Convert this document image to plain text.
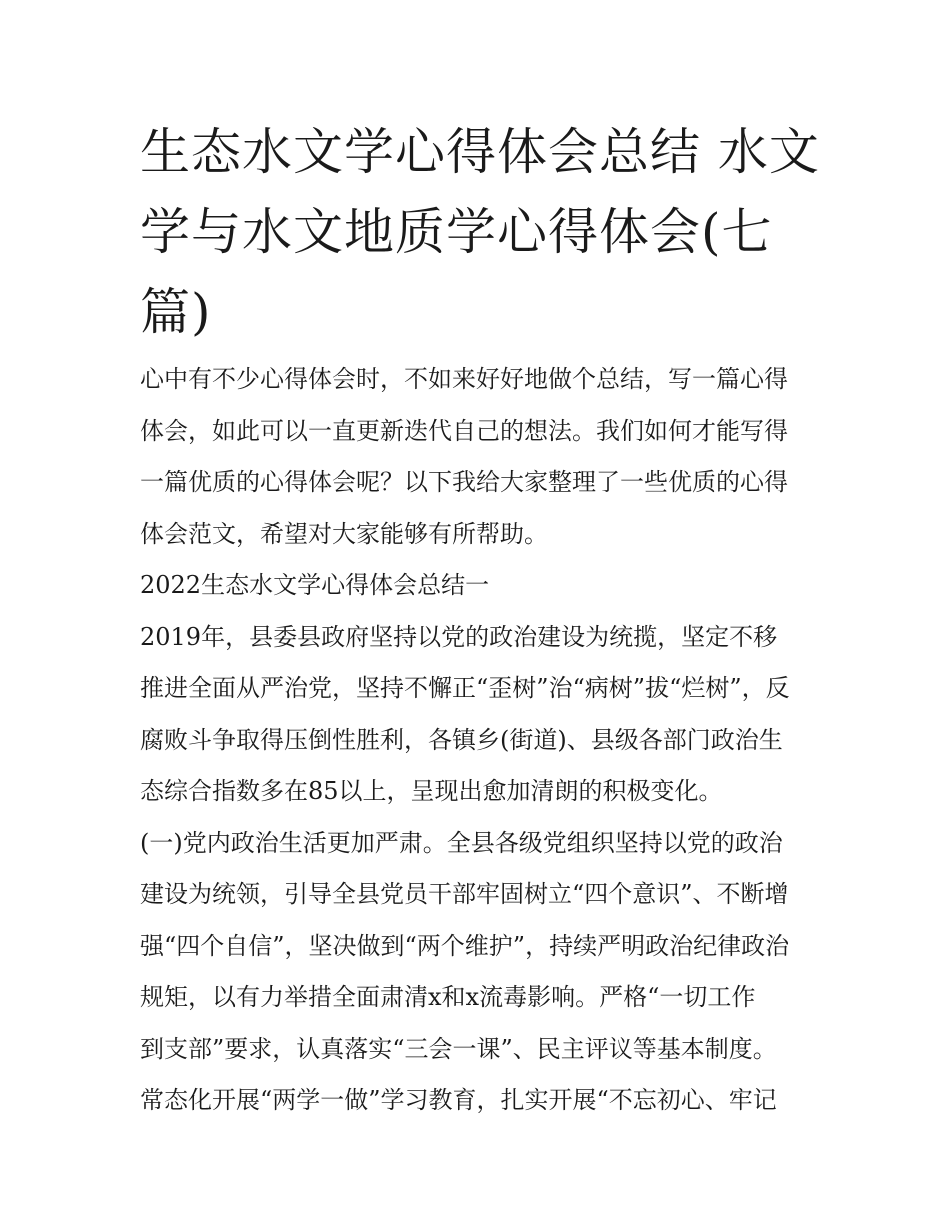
生态水文学心得体会总结 水文
学与水文地质学心得体会(七
篇)
心中有不少心得体会时，不如来好好地做个总结，写一篇心得
体会，如此可以一直更新迭代自己的想法。我们如何才能写得
一篇优质的心得体会呢？以下我给大家整理了一些优质的心得
体会范文，希望对大家能够有所帮助。
2022生态水文学心得体会总结一
2019年，县委县政府坚持以党的政治建设为统揽，坚定不移
推进全面从严治党，坚持不懈正“歪树”治“病树”拔“烂树”，反
腐败斗争取得压倒性胜利，各镇乡(街道)、县级各部门政治生
态综合指数多在85以上，呈现出愈加清朗的积极变化。
(一)党内政治生活更加严肃。全县各级党组织坚持以党的政治
建设为统领，引导全县党员干部牢固树立“四个意识”、不断增
强“四个自信”，坚决做到“两个维护”，持续严明政治纪律政治
规矩，以有力举措全面肃清x和x流毒影响。严格“一切工作
到支部”要求，认真落实“三会一课”、民主评议等基本制度。
常态化开展“两学一做”学习教育，扎实开展“不忘初心、牢记
